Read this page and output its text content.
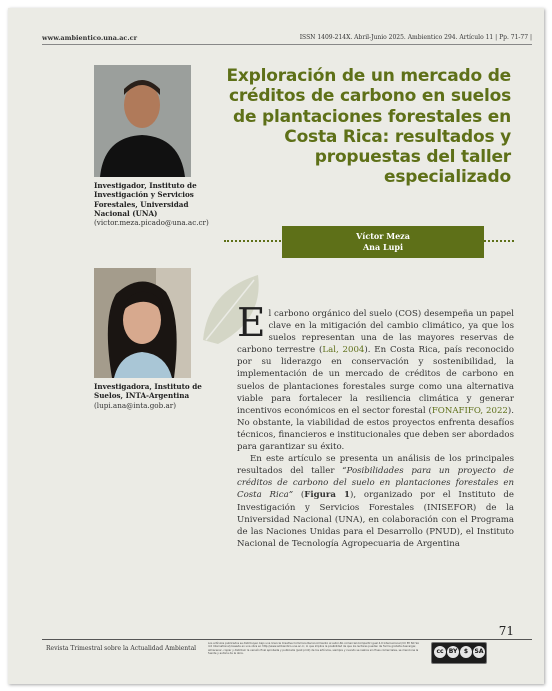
www.ambientico.una.ac.cr	ISSN 1409-214X. Abril-Junio 2025. Ambientico 294. Artículo 11 | Pp. 71-77 |
Investigador, Instituto de Investigación y Servicios Forestales, Universidad Nacional (UNA) (victor.meza.picado@una.ac.cr)
Investigadora, Instituto de Suelos, INTA-Argentina (lupi.ana@inta.gob.ar)
Exploración de un mercado de créditos de carbono en suelos de plantaciones forestales en Costa Rica: resultados y propuestas del taller especializado
Víctor Meza
Ana Lupi

El carbono orgánico del suelo (COS) desempeña un papel clave en la mitigación del cambio climático, ya que los suelos representan una de las mayores reservas de carbono terrestre (Lal, 2004). En Costa Rica, país reconocido por su liderazgo en conservación y sostenibilidad, la implementación de un mercado de créditos de carbono en suelos de plantaciones forestales surge como una alternativa viable para fortalecer la resiliencia climática y generar incentivos económicos en el sector forestal (FONAFIFO, 2022). No obstante, la viabilidad de estos proyectos enfrenta desafíos técnicos, financieros e institucionales que deben ser abordados para garantizar su éxito.

En este artículo se presenta un análisis de los principales resultados del taller “Posibilidades para un proyecto de créditos de carbono del suelo en plantaciones forestales en Costa Rica” (Figura 1), organizado por el Instituto de Investigación y Servicios Forestales (INISEFOR) de la Universidad Nacional (UNA), en colaboración con el Programa de las Naciones Unidas para el Desarrollo (PNUD), el Instituto Nacional de Tecnología Agropecuaria de Argentina

71
Revista Trimestral sobre la Actualidad Ambiental
Los artículos publicados se distribuyen bajo una licencia Creative Commons Reconocimiento al autor-No comercial-Compartir igual 4.0 Internacional (CC BY NC SA 4.0 International) basada en una obra en http://www.ambientico.una.ac.cr, lo que implica la posibilidad de que los lectores puedan de forma gratuita descargar, almacenar, copiar y distribuir la versión final aprobada y publicada (post print) de los artículos, siempre y cuando se realice sin fines comerciales, se mencione la fuente y autoría de la obra.	cc BY	$	SA
